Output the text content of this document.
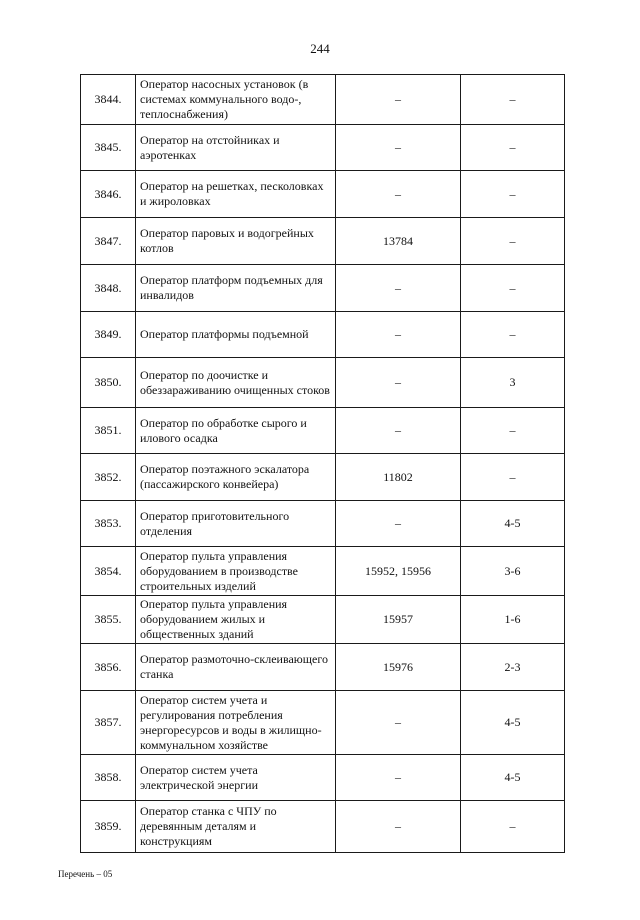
244
3844.	Оператор насосных установок (в системах коммунального водо-, теплоснабжения)	–	–
3845.	Оператор на отстойниках и аэротенках	–	–
3846.	Оператор на решетках, песколовках и жироловках	–	–
3847.	Оператор паровых и водогрейных котлов	13784	–
3848.	Оператор платформ подъемных для инвалидов	–	–
3849.	Оператор платформы подъемной	–	–
3850.	Оператор по доочистке и обеззараживанию очищенных стоков	–	3
3851.	Оператор по обработке сырого и илового осадка	–	–
3852.	Оператор поэтажного эскалатора (пассажирского конвейера)	11802	–
3853.	Оператор приготовительного отделения	–	4-5
3854.	Оператор пульта управления оборудованием в производстве строительных изделий	15952, 15956	3-6
3855.	Оператор пульта управления оборудованием жилых и общественных зданий	15957	1-6
3856.	Оператор размоточно-склеивающего станка	15976	2-3
3857.	Оператор систем учета и регулирования потребления энергоресурсов и воды в жилищно-коммунальном хозяйстве	–	4-5
3858.	Оператор систем учета электрической энергии	–	4-5
3859.	Оператор станка с ЧПУ по деревянным деталям и конструкциям	–	–
Перечень – 05
